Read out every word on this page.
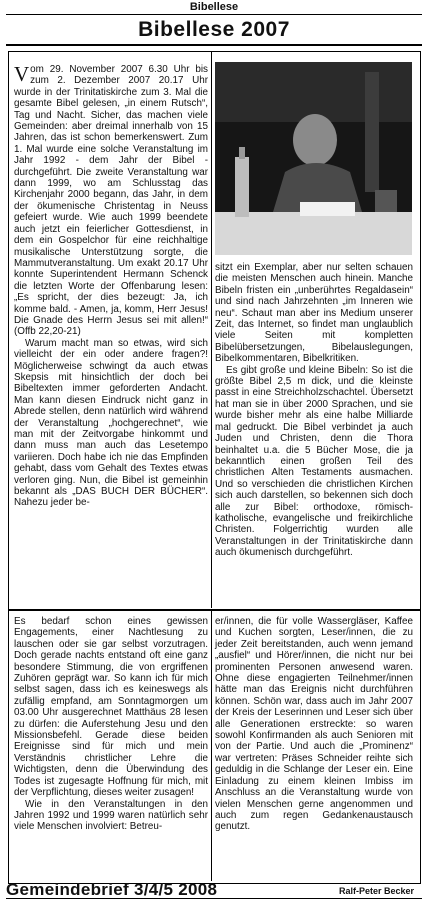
Bibellese
Bibellese 2007

Vom 29. November 2007 6.30 Uhr bis zum 2. Dezember 2007 20.17 Uhr wurde in der Trinitatiskirche zum 3. Mal die gesamte Bibel gelesen, „in einem Rutsch“, Tag und Nacht. Sicher, das machen viele Gemeinden: aber dreimal innerhalb von 15 Jahren, das ist schon bemerkenswert. Zum 1. Mal wurde eine solche Veranstaltung im Jahr 1992 - dem Jahr der Bibel - durchgeführt. Die zweite Veranstaltung war dann 1999, wo am Schlusstag das Kirchenjahr 2000 begann, das Jahr, in dem der ökumenische Christentag in Neuss gefeiert wurde. Wie auch 1999 beendete auch jetzt ein feierlicher Gottesdienst, in dem ein Gospelchor für eine reichhaltige musikalische Unterstützung sorgte, die Mammutveranstaltung. Um exakt 20.17 Uhr konnte Superintendent Hermann Schenck die letzten Worte der Offenbarung lesen: „Es spricht, der dies bezeugt: Ja, ich komme bald. - Amen, ja, komm, Herr Jesus! Die Gnade des Herrn Jesus sei mit allen!“ (Offb 22,20-21)

Warum macht man so etwas, wird sich vielleicht der ein oder andere fragen?! Möglicherweise schwingt da auch etwas Skepsis mit hinsichtlich der doch bei Bibeltexten immer geforderten Andacht. Man kann diesen Eindruck nicht ganz in Abrede stellen, denn natürlich wird während der Veranstaltung „hochgerechnet“, wie man mit der Zeitvorgabe hinkommt und dann muss man auch das Lesetempo variieren. Doch habe ich nie das Empfinden gehabt, dass vom Gehalt des Textes etwas verloren ging. Nun, die Bibel ist gemeinhin bekannt als „DAS BUCH DER BÜCHER“. Nahezu jeder be-

sitzt ein Exemplar, aber nur selten schauen die meisten Menschen auch hinein. Manche Bibeln fristen ein „unberührtes Regaldasein“ und sind nach Jahrzehnten „im Inneren wie neu“. Schaut man aber ins Medium unserer Zeit, das Internet, so findet man unglaublich viele Seiten mit kompletten Bibelübersetzungen, Bibelauslegungen, Bibelkommentaren, Bibelkritiken.

Es gibt große und kleine Bibeln: So ist die größte Bibel 2,5 m dick, und die kleinste passt in eine Streichholzschachtel. Übersetzt hat man sie in über 2000 Sprachen, und sie wurde bisher mehr als eine halbe Milliarde mal gedruckt. Die Bibel verbindet ja auch Juden und Christen, denn die Thora beinhaltet u.a. die 5 Bücher Mose, die ja bekanntlich einen großen Teil des christlichen Alten Testaments ausmachen. Und so verschieden die christlichen Kirchen sich auch darstellen, so bekennen sich doch alle zur Bibel: orthodoxe, römisch-katholische, evangelische und freikirchliche Christen. Folgerrichtig wurden alle Veranstaltungen in der Trinitatiskirche dann auch ökumenisch durchgeführt.

Es bedarf schon eines gewissen Engagements, einer Nachtlesung zu lauschen oder sie gar selbst vorzutragen. Doch gerade nachts entstand oft eine ganz besondere Stimmung, die von ergriffenen Zuhören geprägt war. So kann ich für mich selbst sagen, dass ich es keineswegs als zufällig empfand, am Sonntagmorgen um 03.00 Uhr ausgerechnet Matthäus 28 lesen zu dürfen: die Auferstehung Jesu und den Missionsbefehl. Gerade diese beiden Ereignisse sind für mich und mein Verständnis christlicher Lehre die Wichtigsten, denn die Überwindung des Todes ist zugesagte Hoffnung für mich, mit der Verpflichtung, dieses weiter zusagen!

Wie in den Veranstaltungen in den Jahren 1992 und 1999 waren natürlich sehr viele Menschen involviert: Betreu-

er/innen, die für volle Wassergläser, Kaffee und Kuchen sorgten, Leser/innen, die zu jeder Zeit bereitstanden, auch wenn jemand „ausfiel“ und Hörer/innen, die nicht nur bei prominenten Personen anwesend waren. Ohne diese engagierten Teilnehmer/innen hätte man das Ereignis nicht durchführen können. Schön war, dass auch im Jahr 2007 der Kreis der Leserinnen und Leser sich über alle Generationen erstreckte: so waren sowohl Konfirmanden als auch Senioren mit von der Partie. Und auch die „Prominenz“ war vertreten: Präses Schneider reihte sich geduldig in die Schlange der Leser ein. Eine Einladung zu einem kleinen Imbiss im Anschluss an die Veranstaltung wurde von vielen Menschen gerne angenommen und auch zum regen Gedankenaustausch genutzt.

Gemeindebrief 3/4/5 2008	Ralf-Peter Becker
